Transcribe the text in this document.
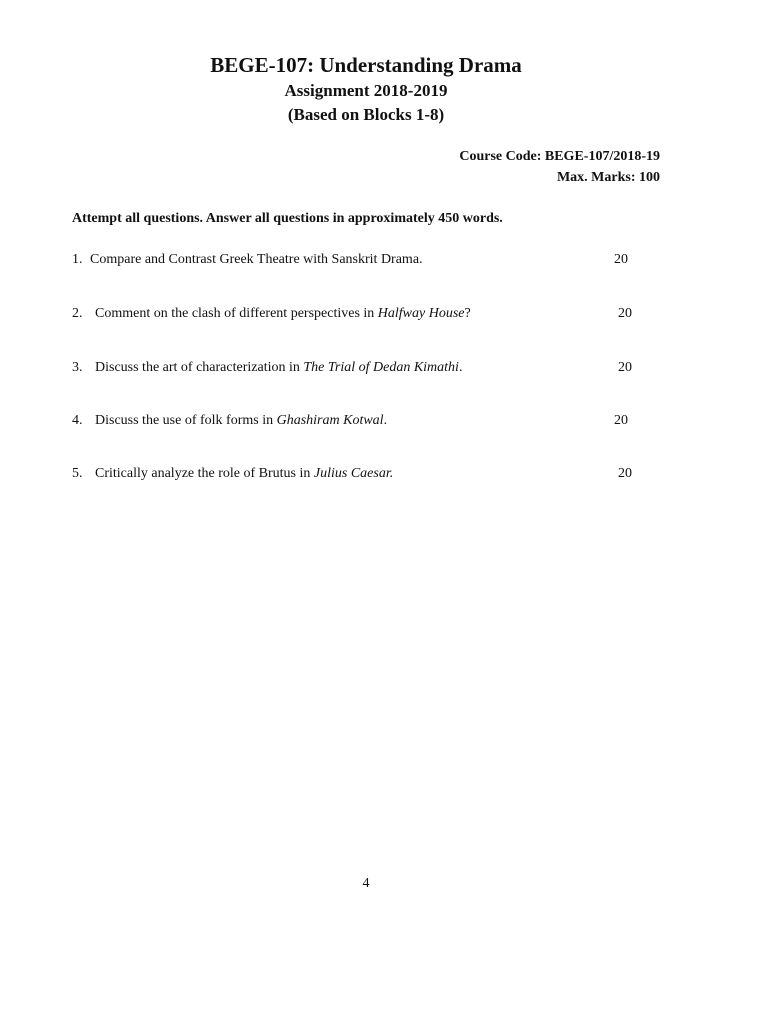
BEGE-107: Understanding Drama
Assignment 2018-2019
(Based on Blocks 1-8)
Course Code: BEGE-107/2018-19
Max. Marks: 100
Attempt all questions. Answer all questions in approximately 450 words.
1. Compare and Contrast Greek Theatre with Sanskrit Drama.	20
2. Comment on the clash of different perspectives in Halfway House?	20
3. Discuss the art of characterization in The Trial of Dedan Kimathi.	20
4. Discuss the use of folk forms in Ghashiram Kotwal.	20
5. Critically analyze the role of Brutus in Julius Caesar.	20
4
